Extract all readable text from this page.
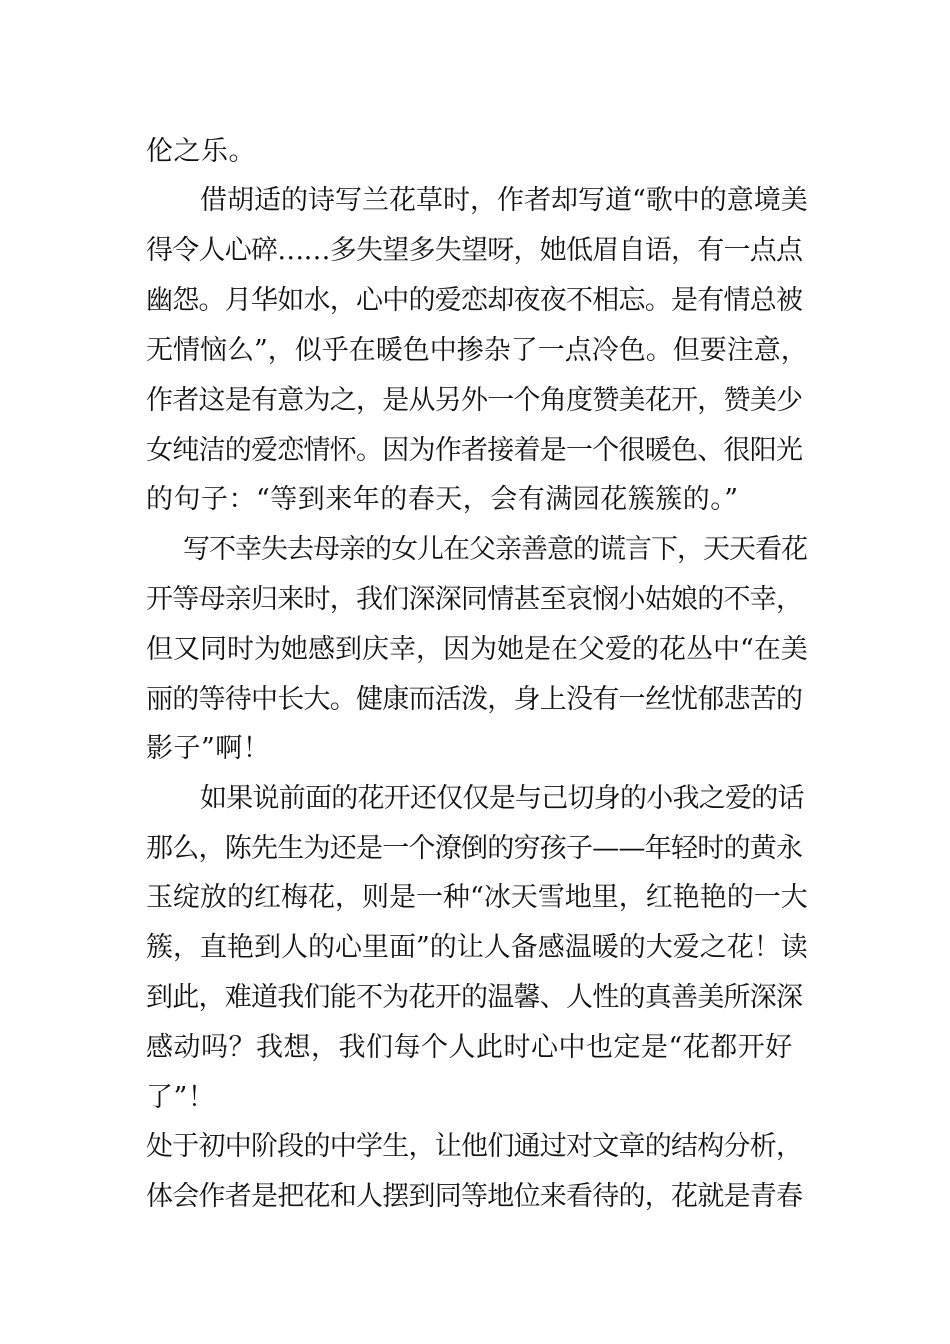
伦之乐。

借胡适的诗写兰花草时，作者却写道“歌中的意境美

得令人心碎……多失望多失望呀，她低眉自语，有一点点

幽怨。月华如水，心中的爱恋却夜夜不相忘。是有情总被

无情恼么”，似乎在暖色中掺杂了一点冷色。但要注意，

作者这是有意为之，是从另外一个角度赞美花开，赞美少

女纯洁的爱恋情怀。因为作者接着是一个很暖色、很阳光

的句子：“等到来年的春天，会有满园花簇簇的。”

写不幸失去母亲的女儿在父亲善意的谎言下，天天看花

开等母亲归来时，我们深深同情甚至哀悯小姑娘的不幸，

但又同时为她感到庆幸，因为她是在父爱的花丛中“在美

丽的等待中长大。健康而活泼，身上没有一丝忧郁悲苦的

影子”啊！

如果说前面的花开还仅仅是与己切身的小我之爱的话

那么，陈先生为还是一个潦倒的穷孩子——年轻时的黄永

玉绽放的红梅花，则是一种“冰天雪地里，红艳艳的一大

簇，直艳到人的心里面”的让人备感温暖的大爱之花！读

到此，难道我们能不为花开的温馨、人性的真善美所深深

感动吗？我想，我们每个人此时心中也定是“花都开好

了”！

处于初中阶段的中学生，让他们通过对文章的结构分析，

体会作者是把花和人摆到同等地位来看待的，花就是青春
